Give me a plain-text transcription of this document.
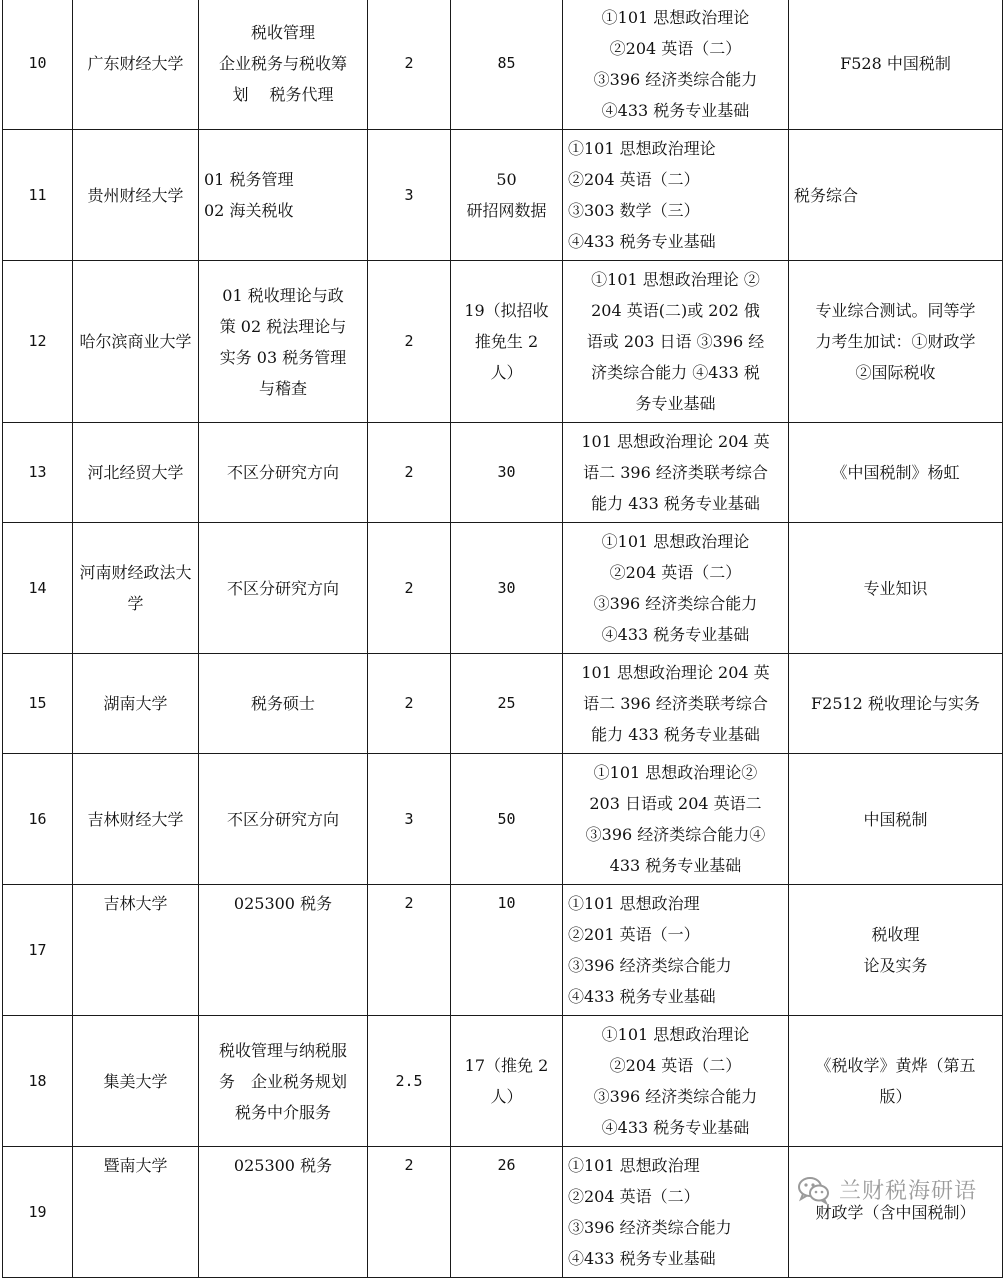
10	广东财经大学	税收管理
企业税务与税收筹
划　 税务代理	2	85	①101 思想政治理论
②204 英语（二）
③396 经济类综合能力
④433 税务专业基础	F528 中国税制

11	贵州财经大学	01 税务管理
02 海关税收	3	50
研招网数据	①101 思想政治理论
②204 英语（二）
③303 数学（三）
④433 税务专业基础	税务综合

12	哈尔滨商业大学	01 税收理论与政
策 02 税法理论与
实务 03 税务管理
与稽查	2	19（拟招收
推免生 2
人）	①101 思想政治理论 ②
204 英语(二)或 202 俄
语或 203 日语 ③396 经
济类综合能力 ④433 税
务专业基础	专业综合测试。同等学
力考生加试：①财政学
②国际税收

13	河北经贸大学	不区分研究方向	2	30	101 思想政治理论 204 英
语二 396 经济类联考综合
能力 433 税务专业基础	《中国税制》杨虹

14	河南财经政法大学	不区分研究方向	2	30	①101 思想政治理论
②204 英语（二）
③396 经济类综合能力
④433 税务专业基础	专业知识

15	湖南大学	税务硕士	2	25	101 思想政治理论 204 英
语二 396 经济类联考综合
能力 433 税务专业基础	F2512 税收理论与实务

16	吉林财经大学	不区分研究方向	3	50	①101 思想政治理论②
203 日语或 204 英语二
③396 经济类综合能力④
433 税务专业基础	中国税制

17	吉林大学	025300 税务	2	10	①101 思想政治理
②201 英语（一）
③396 经济类综合能力
④433 税务专业基础	税收理
论及实务

18	集美大学	税收管理与纳税服
务　企业税务规划
税务中介服务	2.5	17（推免 2
人）	①101 思想政治理论
②204 英语（二）
③396 经济类综合能力
④433 税务专业基础	《税收学》黄烨（第五
版）

19	暨南大学	025300 税务	2	26	①101 思想政治理
②204 英语（二）
③396 经济类综合能力
④433 税务专业基础	财政学（含中国税制）
兰财税海研语
